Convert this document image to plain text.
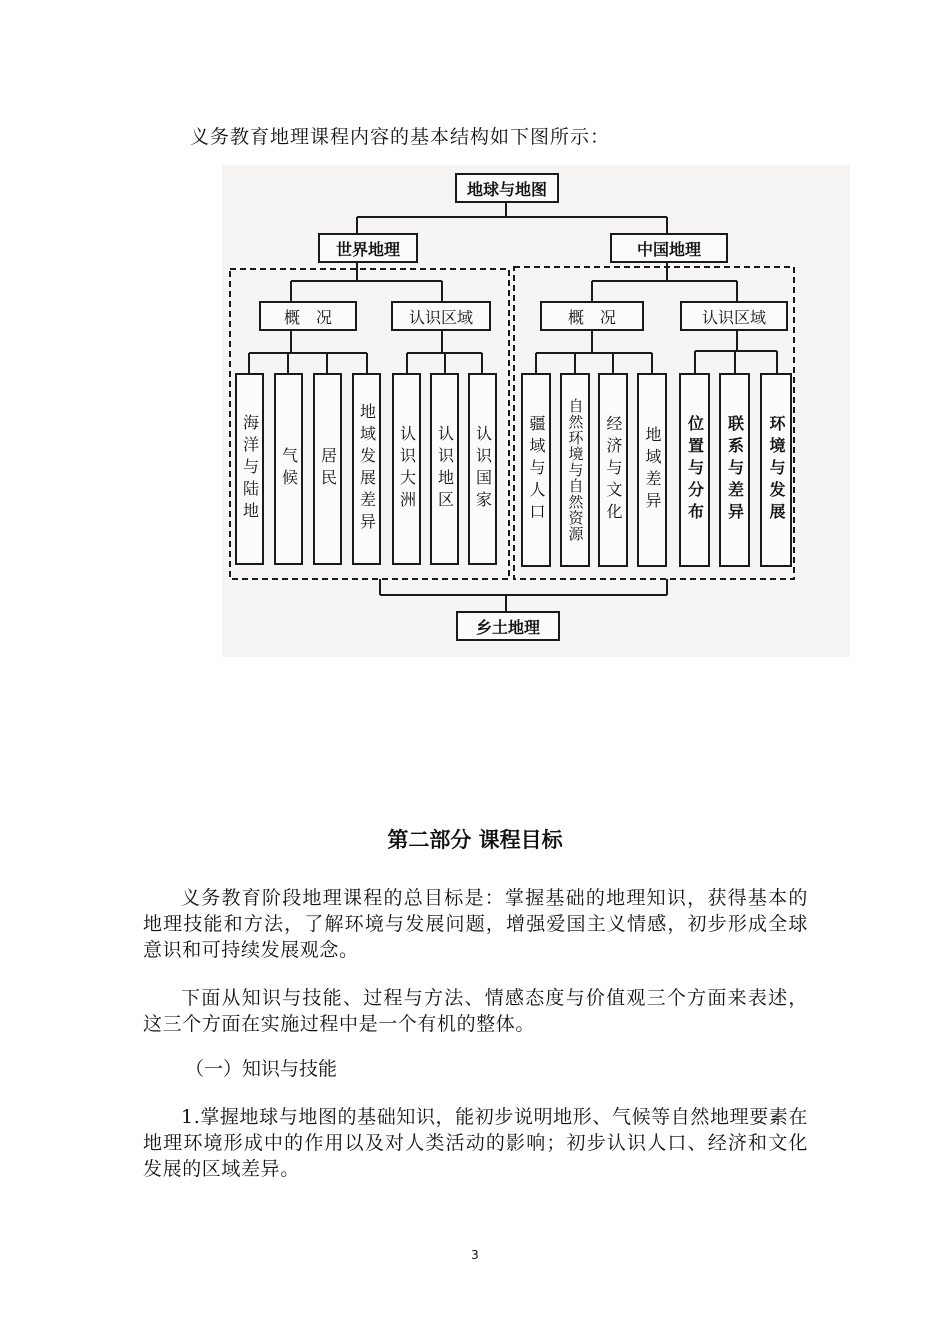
义务教育地理课程内容的基本结构如下图所示：
地球与地图
世界地理	中国地理
概　况	认识区域	概　况	认识区域
海洋与陆地 气候 居民 地域发展差异 认识大洲 认识地区 认识国家 疆域与人口 自然环境与自然资源 经济与文化 地域差异 位置与分布 联系与差异 环境与发展
乡土地理
第二部分 课程目标

义务教育阶段地理课程的总目标是：掌握基础的地理知识，获得基本的地理技能和方法，了解环境与发展问题，增强爱国主义情感，初步形成全球意识和可持续发展观念。

下面从知识与技能、过程与方法、情感态度与价值观三个方面来表述，这三个方面在实施过程中是一个有机的整体。

（一）知识与技能

1.掌握地球与地图的基础知识，能初步说明地形、气候等自然地理要素在地理环境形成中的作用以及对人类活动的影响；初步认识人口、经济和文化发展的区域差异。

3
